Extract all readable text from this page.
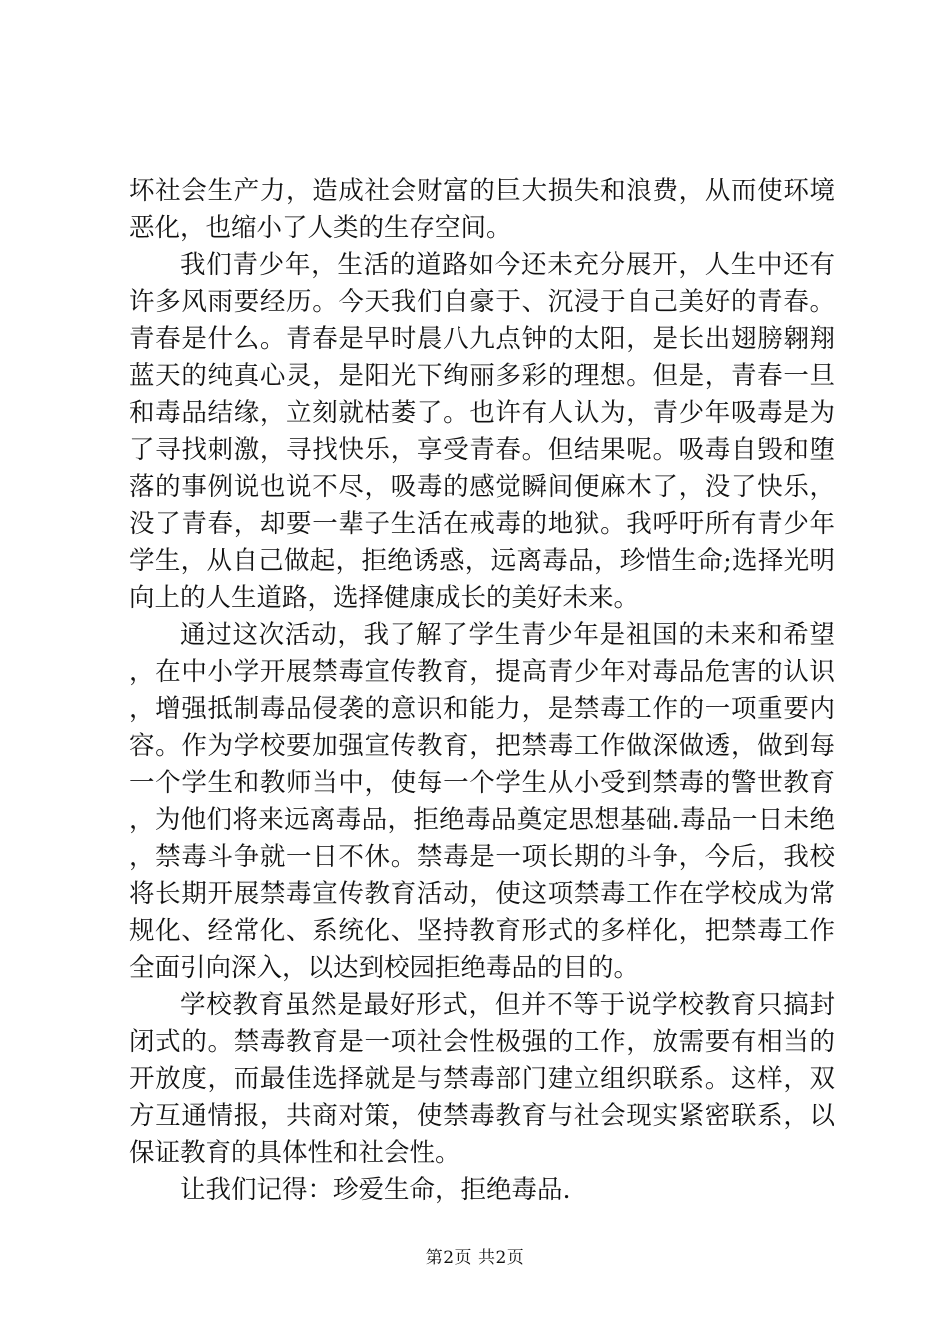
坏社会生产力，造成社会财富的巨大损失和浪费，从而使环境恶化，也缩小了人类的生存空间。

我们青少年，生活的道路如今还未充分展开，人生中还有许多风雨要经历。今天我们自豪于、沉浸于自己美好的青春。青春是什么。青春是早时晨八九点钟的太阳，是长出翅膀翱翔蓝天的纯真心灵，是阳光下绚丽多彩的理想。但是，青春一旦和毒品结缘，立刻就枯萎了。也许有人认为，青少年吸毒是为了寻找刺激，寻找快乐，享受青春。但结果呢。吸毒自毁和堕落的事例说也说不尽，吸毒的感觉瞬间便麻木了，没了快乐，没了青春，却要一辈子生活在戒毒的地狱。我呼吁所有青少年学生，从自己做起，拒绝诱惑，远离毒品，珍惜生命;选择光明向上的人生道路，选择健康成长的美好未来。

通过这次活动，我了解了学生青少年是祖国的未来和希望，在中小学开展禁毒宣传教育，提高青少年对毒品危害的认识，增强抵制毒品侵袭的意识和能力，是禁毒工作的一项重要内容。作为学校要加强宣传教育，把禁毒工作做深做透，做到每一个学生和教师当中，使每一个学生从小受到禁毒的警世教育，为他们将来远离毒品，拒绝毒品奠定思想基础.毒品一日未绝，禁毒斗争就一日不休。禁毒是一项长期的斗争，今后，我校将长期开展禁毒宣传教育活动，使这项禁毒工作在学校成为常规化、经常化、系统化、坚持教育形式的多样化，把禁毒工作全面引向深入，以达到校园拒绝毒品的目的。

学校教育虽然是最好形式，但并不等于说学校教育只搞封闭式的。禁毒教育是一项社会性极强的工作，放需要有相当的开放度，而最佳选择就是与禁毒部门建立组织联系。这样，双方互通情报，共商对策，使禁毒教育与社会现实紧密联系，以保证教育的具体性和社会性。

让我们记得：珍爱生命，拒绝毒品.

第2页 共2页
